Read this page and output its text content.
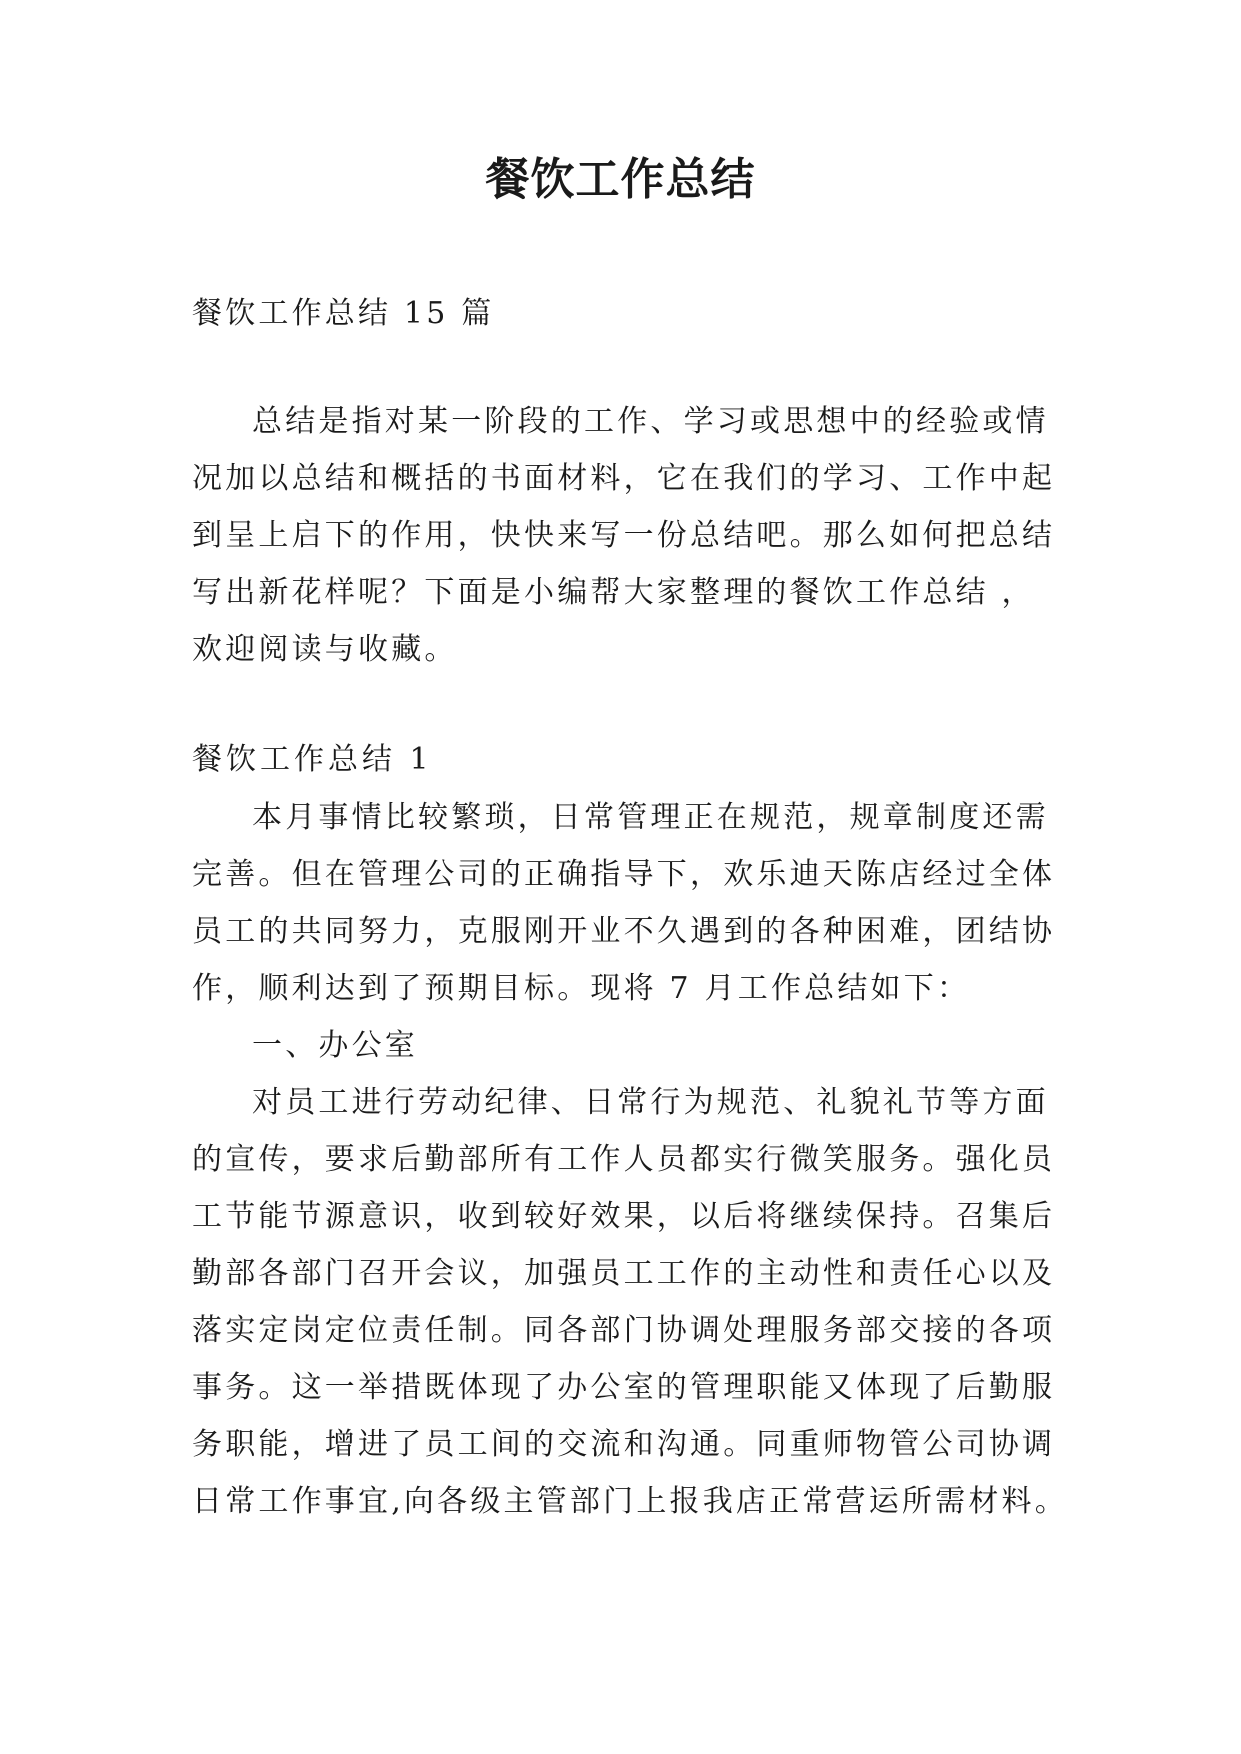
餐饮工作总结

餐饮工作总结 15 篇

总结是指对某一阶段的工作、学习或思想中的经验或情

况加以总结和概括的书面材料，它在我们的学习、工作中起

到呈上启下的作用，快快来写一份总结吧。那么如何把总结

写出新花样呢？下面是小编帮大家整理的餐饮工作总结 ，

欢迎阅读与收藏。

餐饮工作总结 1

本月事情比较繁琐，日常管理正在规范，规章制度还需

完善。但在管理公司的正确指导下，欢乐迪天陈店经过全体

员工的共同努力，克服刚开业不久遇到的各种困难，团结协

作，顺利达到了预期目标。现将 7 月工作总结如下：

一、办公室

对员工进行劳动纪律、日常行为规范、礼貌礼节等方面

的宣传，要求后勤部所有工作人员都实行微笑服务。强化员

工节能节源意识，收到较好效果，以后将继续保持。召集后

勤部各部门召开会议，加强员工工作的主动性和责任心以及

落实定岗定位责任制。同各部门协调处理服务部交接的各项

事务。这一举措既体现了办公室的管理职能又体现了后勤服

务职能，增进了员工间的交流和沟通。同重师物管公司协调

日常工作事宜,向各级主管部门上报我店正常营运所需材料。
